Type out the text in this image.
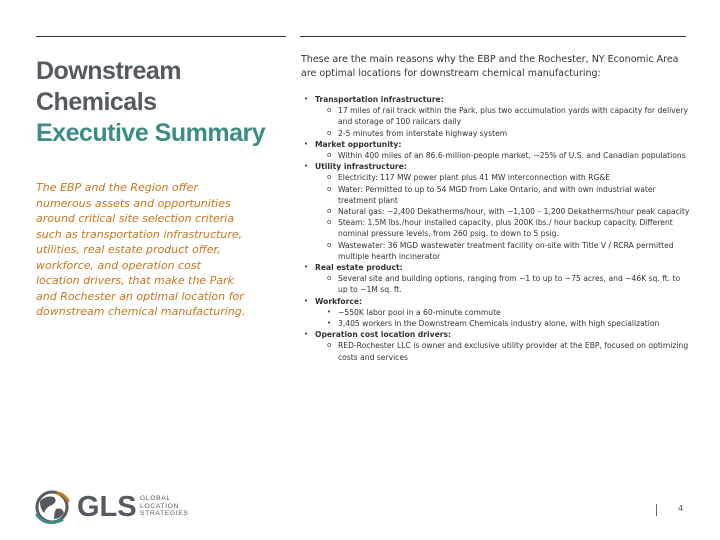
Downstream
Chemicals
Executive Summary
The EBP and the Region offer numerous assets and opportunities around critical site selection criteria such as transportation infrastructure, utilities, real estate product offer, workforce, and operation cost location drivers, that make the Park and Rochester an optimal location for downstream chemical manufacturing.
These are the main reasons why the EBP and the Rochester, NY Economic Area are optimal locations for downstream chemical manufacturing:
• Transportation infrastructure:
o 17 miles of rail track within the Park, plus two accumulation yards with capacity for delivery and storage of 100 railcars daily
o 2-5 minutes from interstate highway system
• Market opportunity:
o Within 400 miles of an 86.6-million-people market, ~25% of U.S. and Canadian populations
• Utility infrastructure:
o Electricity: 117 MW power plant plus 41 MW interconnection with RG&E
o Water: Permitted to up to 54 MGD from Lake Ontario, and with own industrial water treatment plant
o Natural gas: ~2,400 Dekatherms/hour, with ~1,100 – 1,200 Dekatherms/hour peak capacity
o Steam: 1.5M lbs./hour installed capacity, plus 200K lbs./ hour backup capacity. Different nominal pressure levels, from 260 psig. to down to 5 psig.
o Wastewater: 36 MGD wastewater treatment facility on-site with Title V / RCRA permitted multiple hearth incinerator
• Real estate product:
o Several site and building options, ranging from ~1 to up to ~75 acres, and ~46K sq. ft. to up to ~1M sq. ft.
• Workforce:
• ~550K labor pool in a 60-minute commute
• 3,405 workers in the Downstream Chemicals industry alone, with high specialization
• Operation cost location drivers:
o RED-Rochester LLC is owner and exclusive utility provider at the EBP, focused on optimizing costs and services
GLS GLOBAL
LOCATION
STRATEGIES
4
